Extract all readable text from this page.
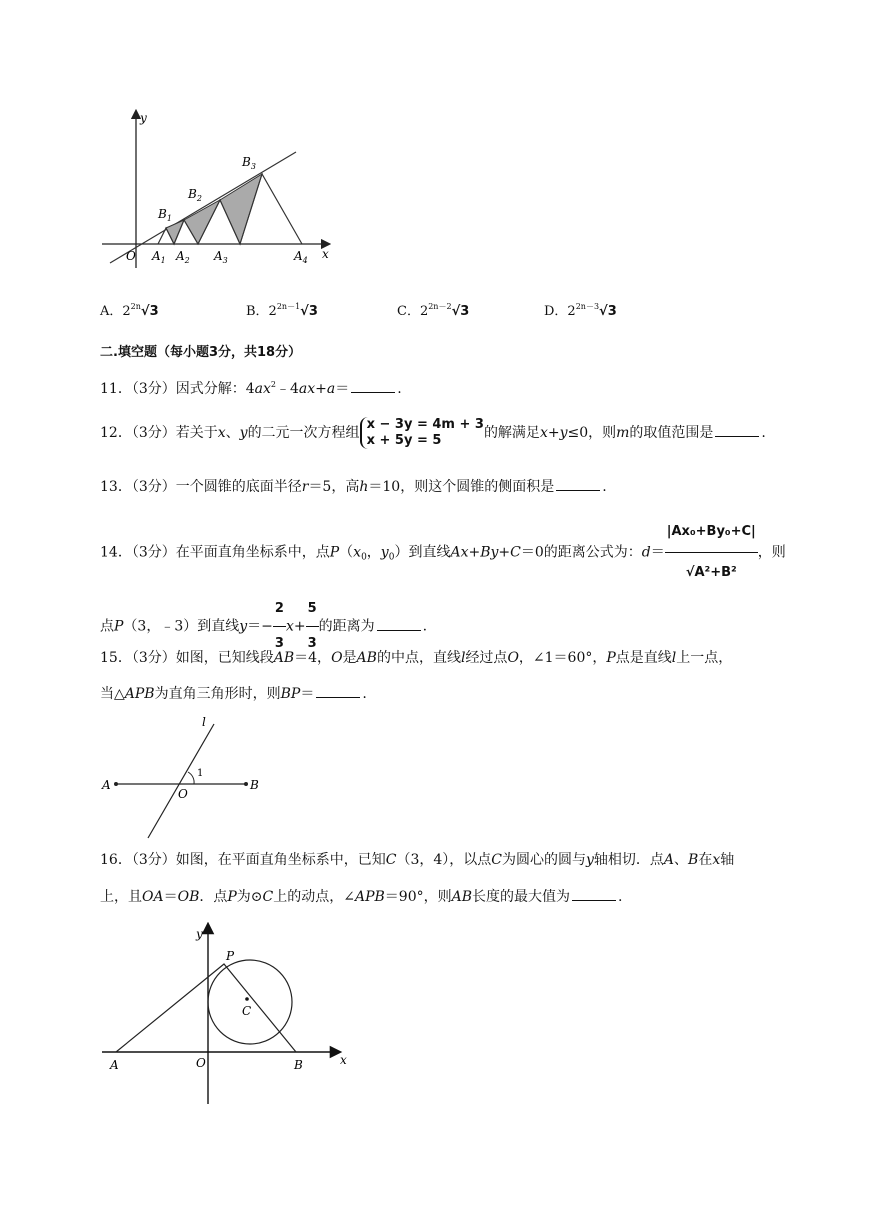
y
x
O
$B_1$
$B_2$
$B_3$
$A_1$ $A_2$ $A_3$	$A_4$
A．$2^{2n}√3$	B．$2^{2n-1}√3$	C．$2^{2n-2}√3$	D．$2^{2n-3}√3$
二.填空题（每小题3分，共18分）
11．（3分）因式分解：$4ax^2﹣4ax+a=$	.
12．（3分）若关于x、y的二元一次方程组x − 3y = 4m + 3
x + 5y = 5	的解满足x+y≤0，则m的取值范围是	.
13．（3分）一个圆锥的底面半径r＝5，高h＝10，则这个圆锥的侧面积是	.
14．（3分）在平面直角坐标系中，点$P(x_0$，$y_0$）到直线Ax+By+C＝0的距离公式为：$d= \frac{\text{|Ax₀+By₀+C|}}{\text{√A²+B²}}$ ，则
点P（3，﹣3）到直线$y=- \frac{2}{3} x+ \frac{5}{3}$ 的距离为	.
15．（3分）如图，已知线段AB＝4，O是AB的中点，直线l经过点O，∠1＝60°，P点是直线l上一点，
当△APB为直角三角形时，则BP＝	.
l
A
O
B
1
16．（3分）如图，在平面直角坐标系中，已知C（3，4），以点C为圆心的圆与y轴相切．点A、B在x轴
上，且OA＝OB．点P为⊙C上的动点，∠APB＝90°，则AB长度的最大值为	.
y
x
P
C
O
A	B
